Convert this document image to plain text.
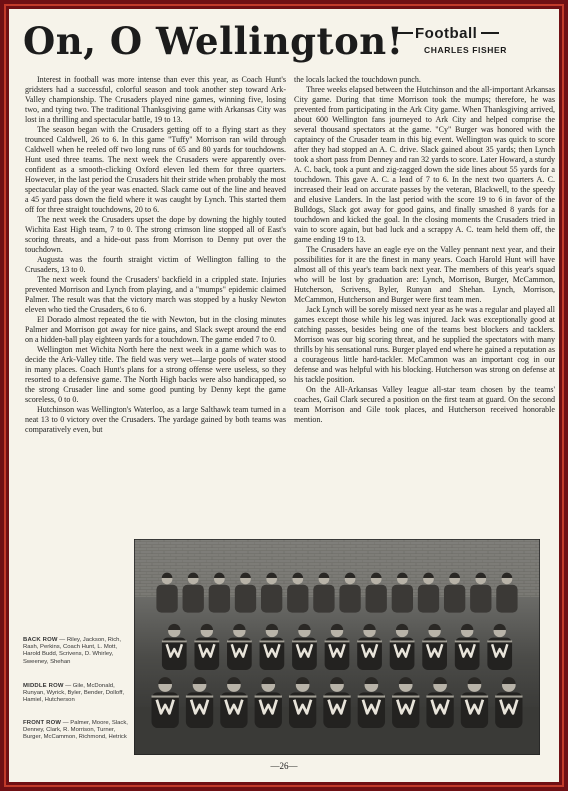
On, O Wellington! Football
CHARLES FISHER

Interest in football was more intense than ever this year, as Coach Hunt's gridsters had a successful, colorful season and took another step toward Ark-Valley championship. The Crusaders played nine games, winning five, losing two, and tying two. The traditional Thanksgiving game with Arkansas City was lost in a thrilling and spectacular battle, 19 to 13.

The season began with the Crusaders getting off to a flying start as they trounced Caldwell, 26 to 6. In this game "Tuffy" Morrison ran wild through Caldwell when he reeled off two long runs of 65 and 80 yards for touchdowns. Hunt used three teams. The next week the Crusaders were apparently over-confident as a smooth-clicking Oxford eleven led them for three quarters. However, in the last period the Crusaders hit their stride when probably the most spectacular play of the year was enacted. Slack came out of the line and heaved a 45 yard pass down the field where it was caught by Lynch. This started them off for three straight touchdowns, 20 to 6.

The next week the Crusaders upset the dope by downing the highly touted Wichita East High team, 7 to 0. The strong crimson line stopped all of East's scoring threats, and a hide-out pass from Morrison to Denny put over the touchdown.

Augusta was the fourth straight victim of Wellington falling to the Crusaders, 13 to 0.

The next week found the Crusaders' backfield in a crippled state. Injuries prevented Morrison and Lynch from playing, and a "mumps" epidemic claimed Palmer. The result was that the victory march was stopped by a husky Newton eleven who tied the Crusaders, 6 to 6.

El Dorado almost repeated the tie with Newton, but in the closing minutes Palmer and Morrison got away for nice gains, and Slack swept around the end on a hidden-ball play eighteen yards for a touchdown. The game ended 7 to 0.

Wellington met Wichita North here the next week in a game which was to decide the Ark-Valley title. The field was very wet—large pools of water stood in many places. Coach Hunt's plans for a strong offense were useless, so they resorted to a defensive game. The North High backs were also handicapped, so the strong Crusader line and some good punting by Denny kept the game scoreless, 0 to 0.

Hutchinson was Wellington's Waterloo, as a large Salthawk team turned in a neat 13 to 0 victory over the Crusaders. The yardage gained by both teams was comparatively even, but

the locals lacked the touchdown punch.

Three weeks elapsed between the Hutchinson and the all-important Arkansas City game. During that time Morrison took the mumps; therefore, he was prevented from participating in the Ark City game. When Thanksgiving arrived, about 600 Wellington fans journeyed to Ark City and helped comprise the several thousand spectators at the game. "Cy" Burger was honored with the captaincy of the Crusader team in this big event. Wellington was quick to score after they had stopped an A. C. drive. Slack gained about 35 yards; then Lynch took a short pass from Denney and ran 32 yards to score. Later Howard, a sturdy A. C. back, took a punt and zig-zagged down the side lines about 55 yards for a touchdown. This gave A. C. a lead of 7 to 6. In the next two quarters A. C. increased their lead on accurate passes by the veteran, Blackwell, to the speedy and elusive Landers. In the last period with the score 19 to 6 in favor of the Bulldogs, Slack got away for good gains, and finally smashed 8 yards for a touchdown and kicked the goal. In the closing moments the Crusaders tried in vain to score again, but bad luck and a scrappy A. C. team held them off, the game ending 19 to 13.

The Crusaders have an eagle eye on the Valley pennant next year, and their possibilities for it are the finest in many years. Coach Harold Hunt will have almost all of this year's team back next year. The members of this year's squad who will be lost by graduation are: Lynch, Morrison, Burger, McCammon, Hutcherson, Scrivens, Byler, Runyan and Shehan. Lynch, Morrison, McCammon, Hutcherson and Burger were first team men.

Jack Lynch will be sorely missed next year as he was a regular and played all games except those while his leg was injured. Jack was exceptionally good at catching passes, besides being one of the teams best blockers and tacklers. Morrison was our big scoring threat, and he supplied the spectators with many thrills by his sensational runs. Burger played end where he gained a reputation as a courageous little hard-tackler. McCammon was an important cog in our defense and was helpful with his blocking. Hutcherson was strong on defense at his tackle position.

On the All-Arkansas Valley league all-star team chosen by the teams' coaches, Gail Clark secured a position on the first team at guard. On the second team Morrison and Gile took places, and Hutcherson received honorable mention.

BACK ROW — Riley, Jackson, Rich, Rash, Perkins, Coach Hunt, L. Mott, Harold Budd, Scrivens, D. Whirley, Sweeney, Shehan
MIDDLE ROW — Gile, McDonald, Runyan, Wyrick, Byler, Bender, Dolloff, Hamiel, Hutcherson
FRONT ROW — Palmer, Moore, Slack, Denney, Clark, R. Morrison, Turner, Burger, McCammon, Richmond, Hetrick
—26—
